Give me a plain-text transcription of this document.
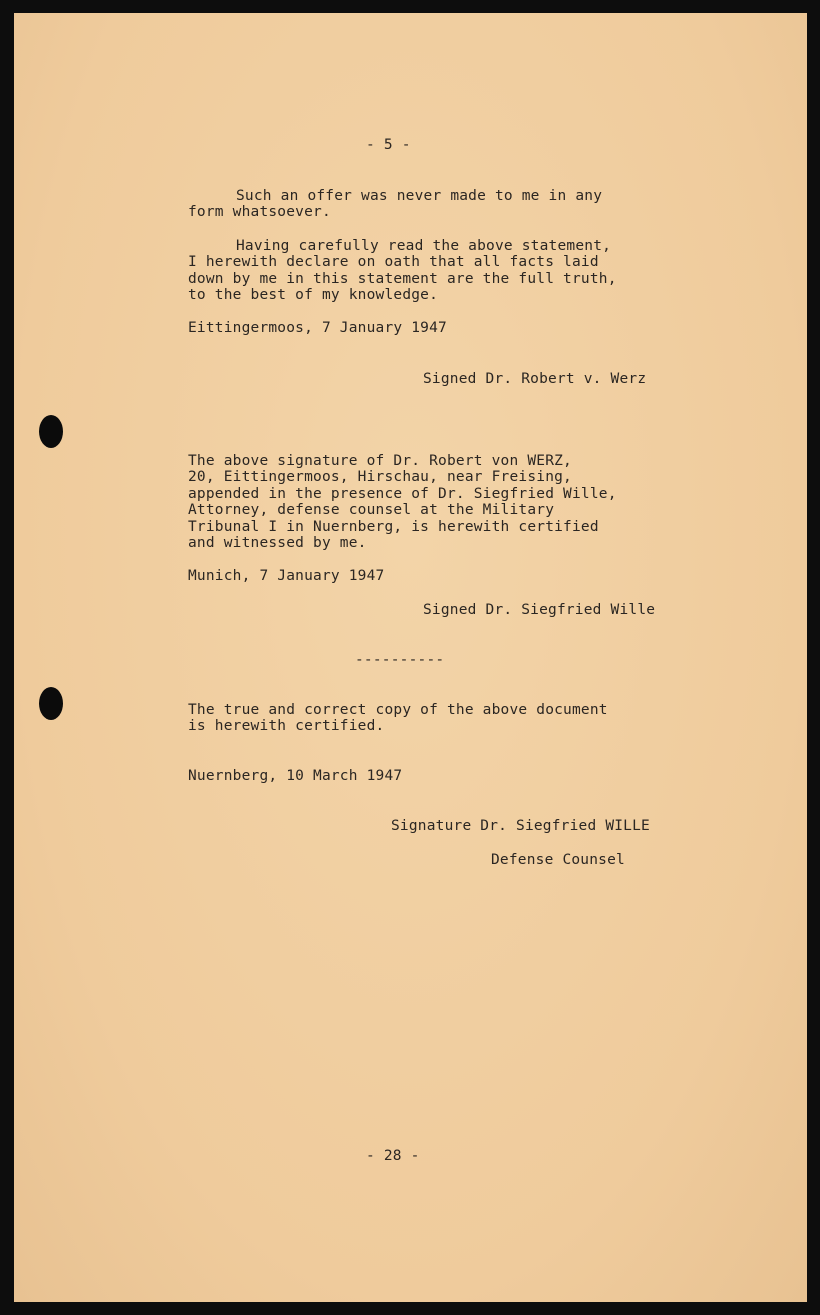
- 5 -
Such an offer was never made to me in any
form whatsoever.
Having carefully read the above statement,
I herewith declare on oath that all facts laid
down by me in this statement are the full truth,
to the best of my knowledge.
Eittingermoos, 7 January 1947
Signed Dr. Robert v. Werz
The above signature of Dr. Robert von WERZ,
20, Eittingermoos, Hirschau, near Freising,
appended in the presence of Dr. Siegfried Wille,
Attorney, defense counsel at the Military
Tribunal I in Nuernberg, is herewith certified
and witnessed by me.
Munich, 7 January 1947
Signed Dr. Siegfried Wille
----------
The true and correct copy of the above document
is herewith certified.
Nuernberg, 10 March 1947
Signature Dr. Siegfried WILLE
Defense Counsel
- 28 -
